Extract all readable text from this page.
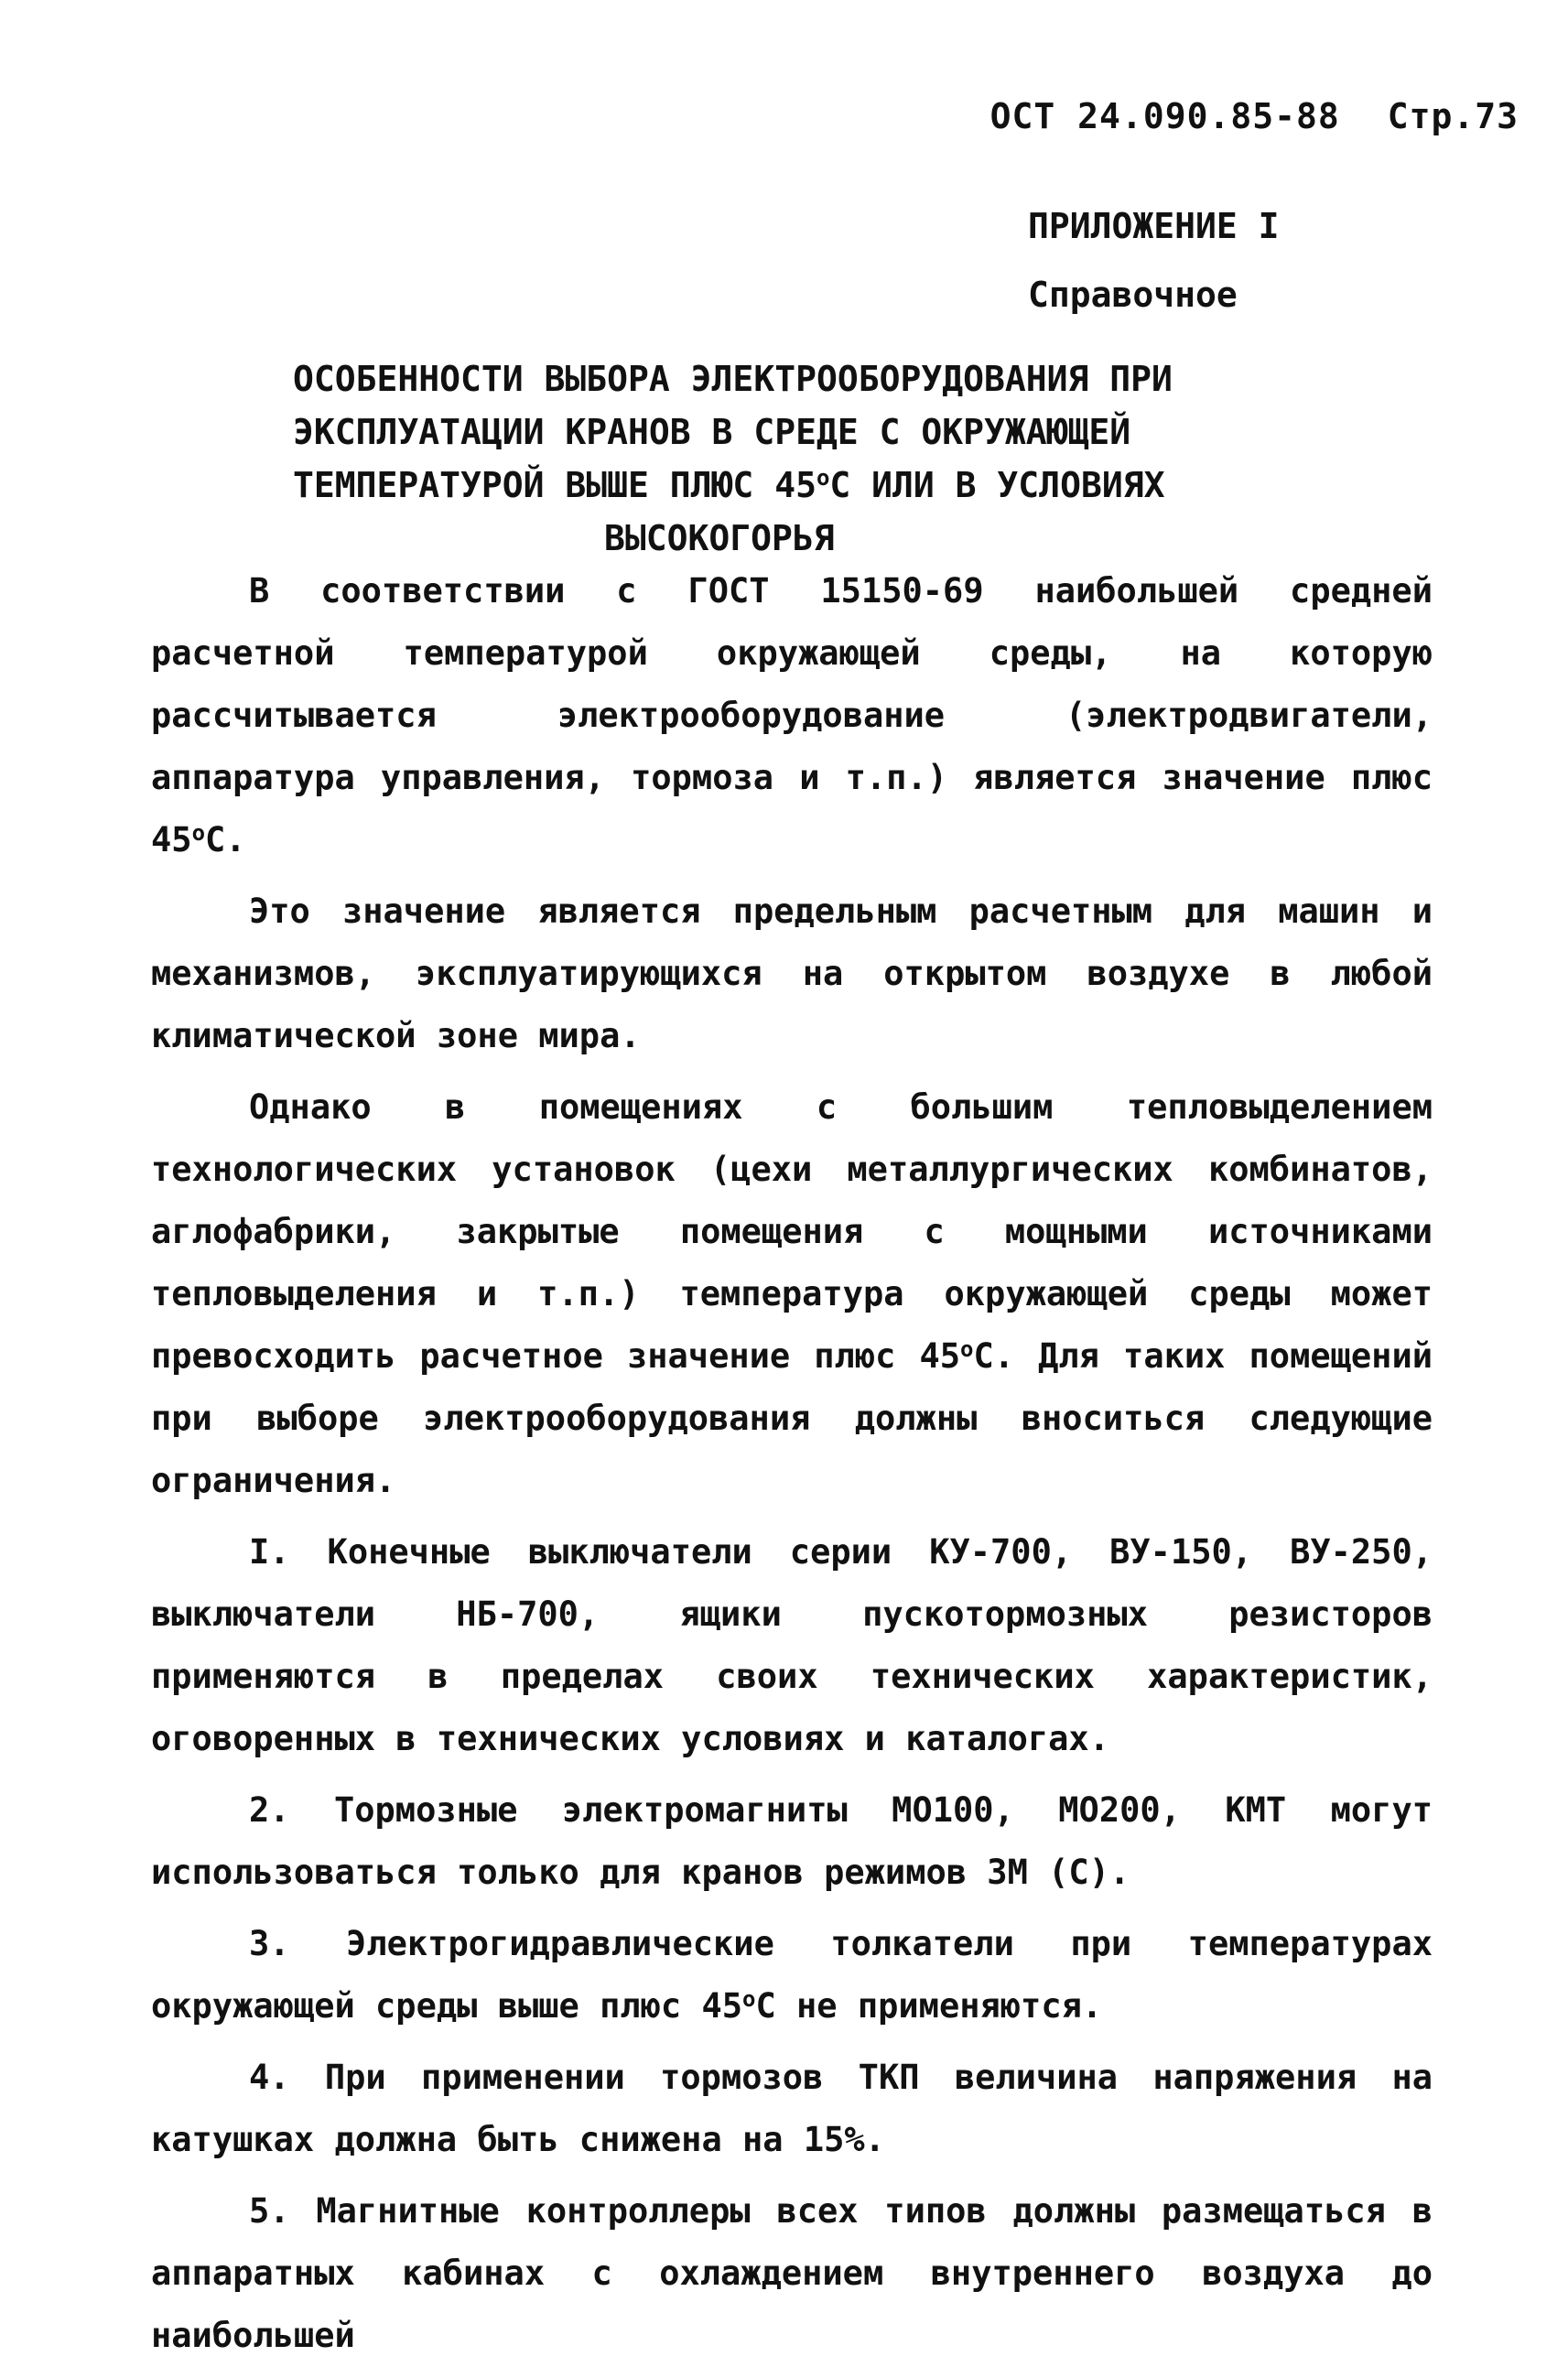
ОСТ 24.090.85-88 Стр.73
ПРИЛОЖЕНИЕ I
Справочное
ОСОБЕННОСТИ ВЫБОРА ЭЛЕКТРООБОРУДОВАНИЯ ПРИ
ЭКСПЛУАТАЦИИ КРАНОВ В СРЕДЕ С ОКРУЖАЮЩЕЙ
ТЕМПЕРАТУРОЙ ВЫШЕ ПЛЮС $45^оС$ ИЛИ В УСЛОВИЯХ
ВЫСОКОГОРЬЯ

В соответствии с ГОСТ 15150-69 наибольшей средней расчетной температурой окружающей среды, на которую рассчитывается электрооборудование (электродвигатели, аппаратура управления, тормоза и т.п.) является значение плюс $45^оС$.

Это значение является предельным расчетным для машин и механизмов, эксплуатирующихся на открытом воздухе в любой климатической зоне мира.

Однако в помещениях с большим тепловыделением технологических установок (цехи металлургических комбинатов, аглофабрики, закрытые помещения с мощными источниками тепловыделения и т.п.) температура окружающей среды может превосходить расчетное значение плюс $45^оС$. Для таких помещений при выборе электрооборудования должны вноситься следующие ограничения.

I. Конечные выключатели серии КУ-700, ВУ-150, ВУ-250, выключатели НБ-700, ящики пускотормозных резисторов применяются в пределах своих технических характеристик, оговоренных в технических условиях и каталогах.

2. Тормозные электромагниты МО100, МО200, КМТ могут использоваться только для кранов режимов 3М (С).

3. Электрогидравлические толкатели при температурах окружающей среды выше плюс $45^оС$ не применяются.

4. При применении тормозов ТКП величина напряжения на катушках должна быть снижена на 15%.

5. Магнитные контроллеры всех типов должны размещаться в аппаратных кабинах с охлаждением внутреннего воздуха до наибольшей
